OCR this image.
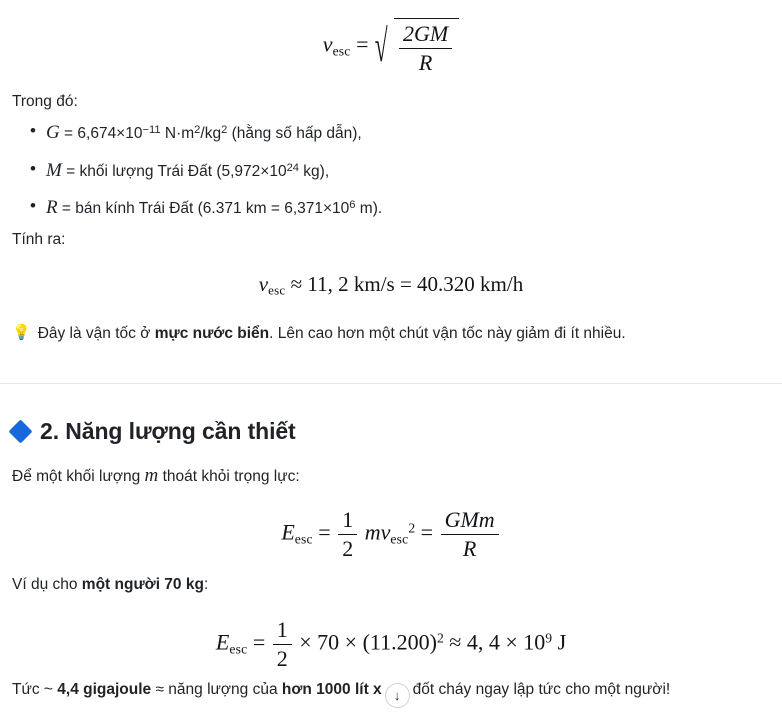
$v_{esc}$ = √ $\frac{2GM}{R}$

Trong đó:

• $G = 6,674\times 10^{-11}$ $N\cdot m^2/kg^2$ (hằng số hấp dẫn),
• M = khối lượng Trái Đất ($5,972\times 10^{24}$ kg),
• R = bán kính Trái Đất (6.371 km = $6,371\times 10^6$ m).

Tính ra:

$v_{esc} \approx 11$, 2 km/s = 40.320 km/h
💡 Đây là vận tốc ở mực nước biển. Lên cao hơn một chút vận tốc này giảm đi ít nhiều.
2. Năng lượng cần thiết

Để một khối lượng m thoát khỏi trọng lực:

$E_{esc} = \frac{1}{2} mv_{esc}^2 = \frac{\text{GMm}}{R}$

Ví dụ cho một người 70 kg:

$E_{esc} = \frac{1}{2} \times 70 \times (11.200)^2 \approx 4$, $4 \times 10^9$ J

Tức ~ 4,4 gigajoule ≈ năng lượng của hơn 1000 lít x ↓ đốt cháy ngay lập tức cho một người!
